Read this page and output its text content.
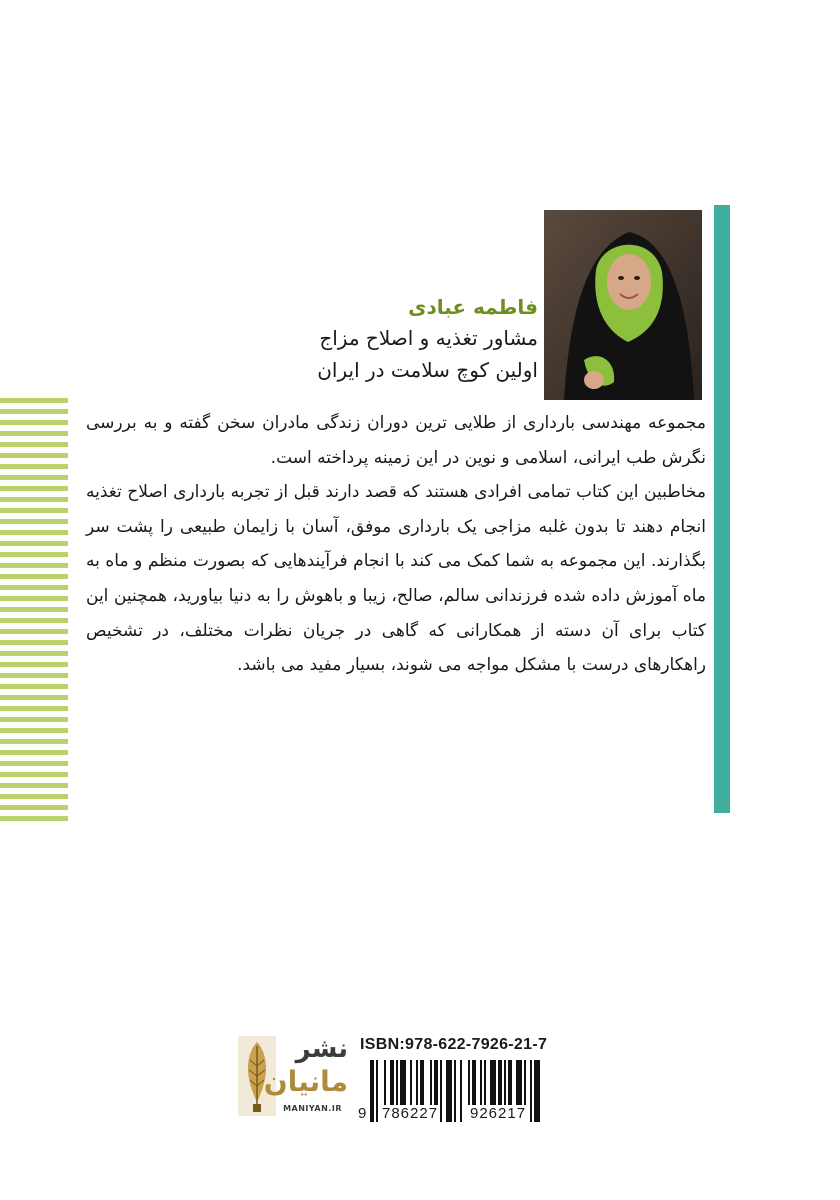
فاطمه عبادی

مشاور تغذیه و اصلاح مزاج

اولین کوچ سلامت در ایران

مجموعه مهندسی بارداری از طلایی ترین دوران زندگی مادران سخن گفته و به بررسی نگرش طب ایرانی، اسلامی و نوین در این زمینه پرداخته است.

مخاطبین این کتاب تمامی افرادی هستند که قصد دارند قبل از تجربه بارداری اصلاح تغذیه انجام دهند تا بدون غلبه مزاجی یک بارداری موفق، آسان با زایمان طبیعی را پشت سر بگذارند. این مجموعه به شما کمک می کند با انجام فرآیندهایی که بصورت منظم و ماه به ماه آموزش داده شده فرزندانی سالم، صالح، زیبا و باهوش را به دنیا بیاورید، همچنین این کتاب برای آن دسته از همکارانی که گاهی در جریان نظرات مختلف، در تشخیص راهکارهای درست با مشکل مواجه می شوند، بسیار مفید می باشد.

نشر
مانیان
MANIYAN.IR
ISBN:978-622-7926-21-7
9 786227 926217
